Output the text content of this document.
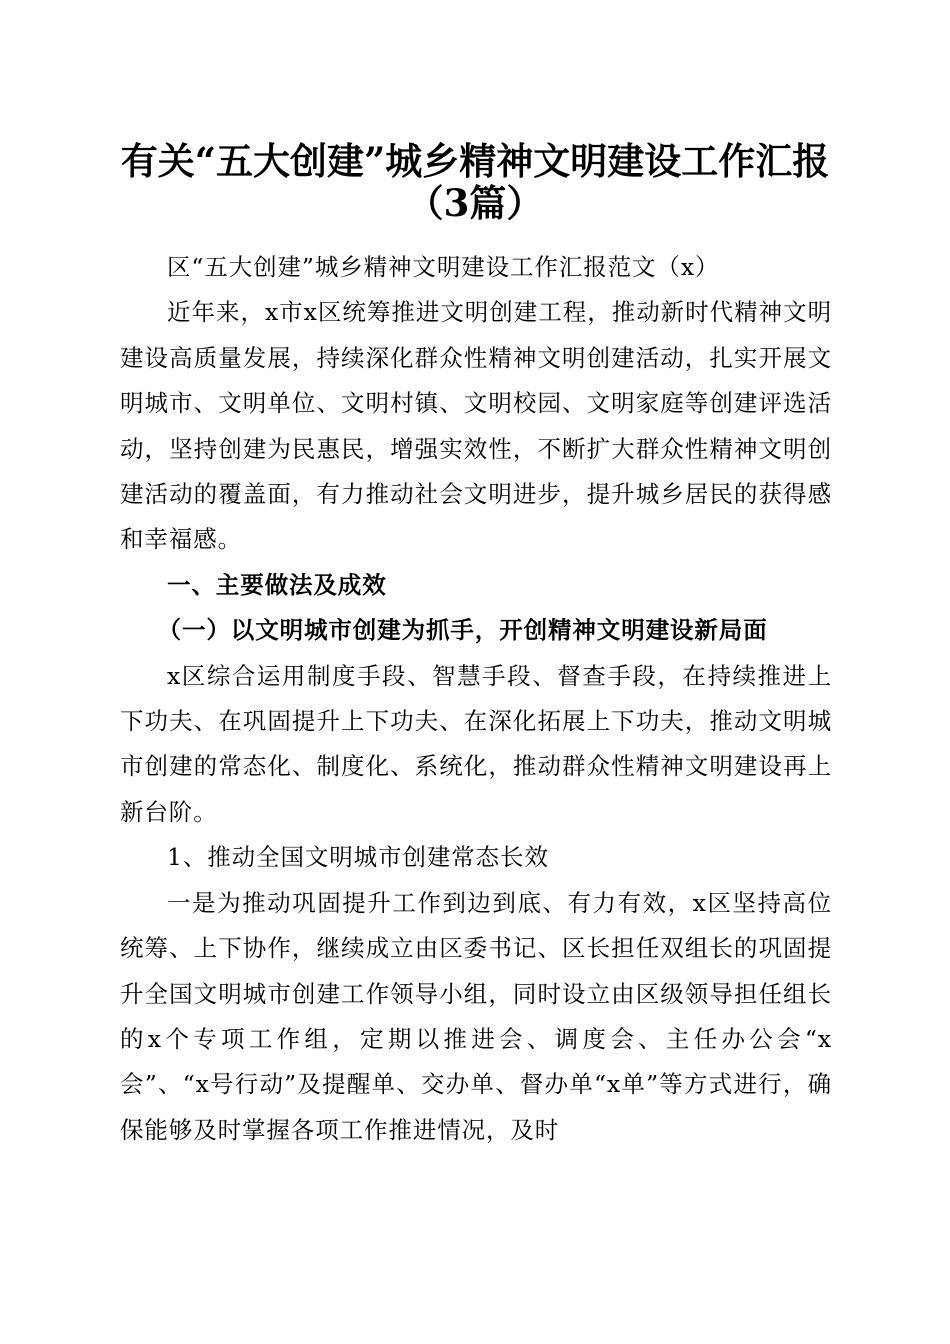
有关“五大创建”城乡精神文明建设工作汇报
（3篇）

区“五大创建”城乡精神文明建设工作汇报范文（x）

近年来，x市x区统筹推进文明创建工程，推动新时代精神文明建设高质量发展，持续深化群众性精神文明创建活动，扎实开展文明城市、文明单位、文明村镇、文明校园、文明家庭等创建评选活动，坚持创建为民惠民，增强实效性，不断扩大群众性精神文明创建活动的覆盖面，有力推动社会文明进步，提升城乡居民的获得感和幸福感。

一、主要做法及成效
（一）以文明城市创建为抓手，开创精神文明建设新局面

x区综合运用制度手段、智慧手段、督查手段，在持续推进上下功夫、在巩固提升上下功夫、在深化拓展上下功夫，推动文明城市创建的常态化、制度化、系统化，推动群众性精神文明建设再上新台阶。

1、推动全国文明城市创建常态长效

一是为推动巩固提升工作到边到底、有力有效，x区坚持高位统筹、上下协作，继续成立由区委书记、区长担任双组长的巩固提升全国文明城市创建工作领导小组，同时设立由区级领导担任组长的x个专项工作组，定期以推进会、调度会、主任办公会“x会”、“x号行动”及提醒单、交办单、督办单“x单”等方式进行，确保能够及时掌握各项工作推进情况，及时
